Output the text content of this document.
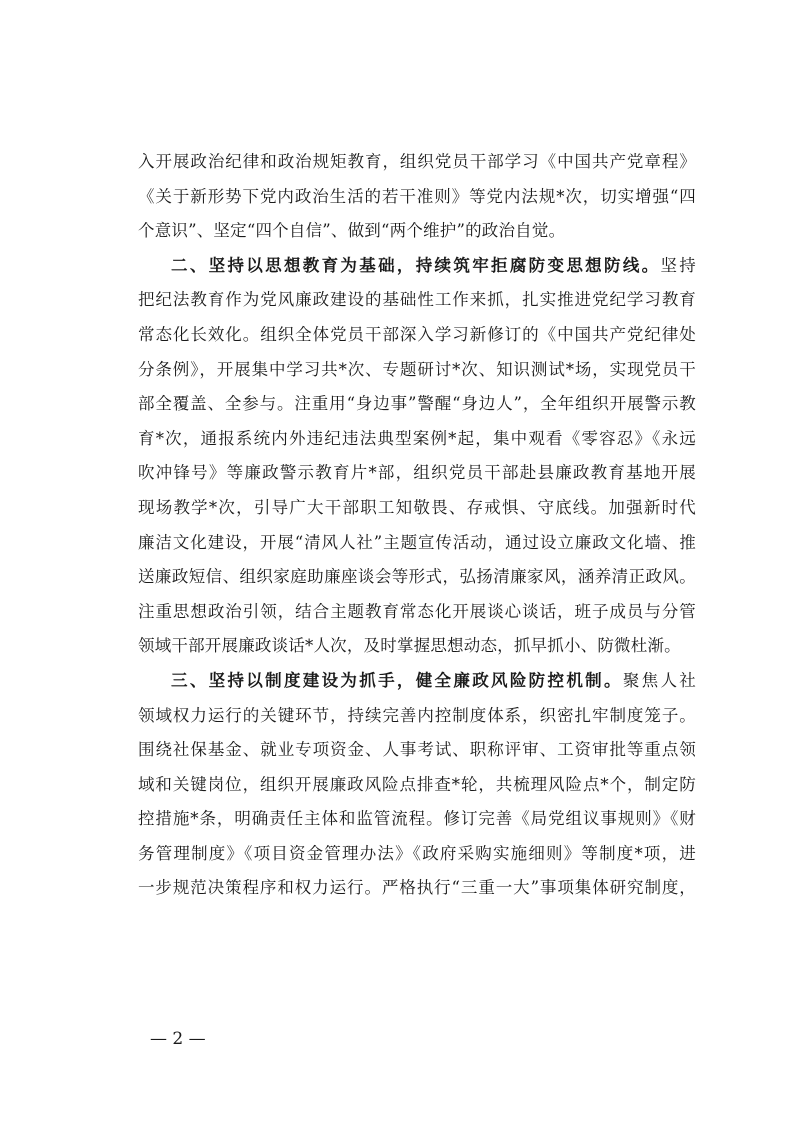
入开展政治纪律和政治规矩教育，组织党员干部学习《中国共产党章程》
《关于新形势下党内政治生活的若干准则》等党内法规*次，切实增强“四
个意识”、坚定“四个自信”、做到“两个维护”的政治自觉。
二、坚持以思想教育为基础，持续筑牢拒腐防变思想防线。坚持
把纪法教育作为党风廉政建设的基础性工作来抓，扎实推进党纪学习教育
常态化长效化。组织全体党员干部深入学习新修订的《中国共产党纪律处
分条例》，开展集中学习共*次、专题研讨*次、知识测试*场，实现党员干
部全覆盖、全参与。注重用“身边事”警醒“身边人”，全年组织开展警示教
育*次，通报系统内外违纪违法典型案例*起，集中观看《零容忍》《永远
吹冲锋号》等廉政警示教育片*部，组织党员干部赴县廉政教育基地开展
现场教学*次，引导广大干部职工知敬畏、存戒惧、守底线。加强新时代
廉洁文化建设，开展“清风人社”主题宣传活动，通过设立廉政文化墙、推
送廉政短信、组织家庭助廉座谈会等形式，弘扬清廉家风，涵养清正政风。
注重思想政治引领，结合主题教育常态化开展谈心谈话，班子成员与分管
领域干部开展廉政谈话*人次，及时掌握思想动态，抓早抓小、防微杜渐。
三、坚持以制度建设为抓手，健全廉政风险防控机制。聚焦人社
领域权力运行的关键环节，持续完善内控制度体系，织密扎牢制度笼子。
围绕社保基金、就业专项资金、人事考试、职称评审、工资审批等重点领
域和关键岗位，组织开展廉政风险点排查*轮，共梳理风险点*个，制定防
控措施*条，明确责任主体和监管流程。修订完善《局党组议事规则》《财
务管理制度》《项目资金管理办法》《政府采购实施细则》等制度*项，进
一步规范决策程序和权力运行。严格执行“三重一大”事项集体研究制度，
— 2 —
